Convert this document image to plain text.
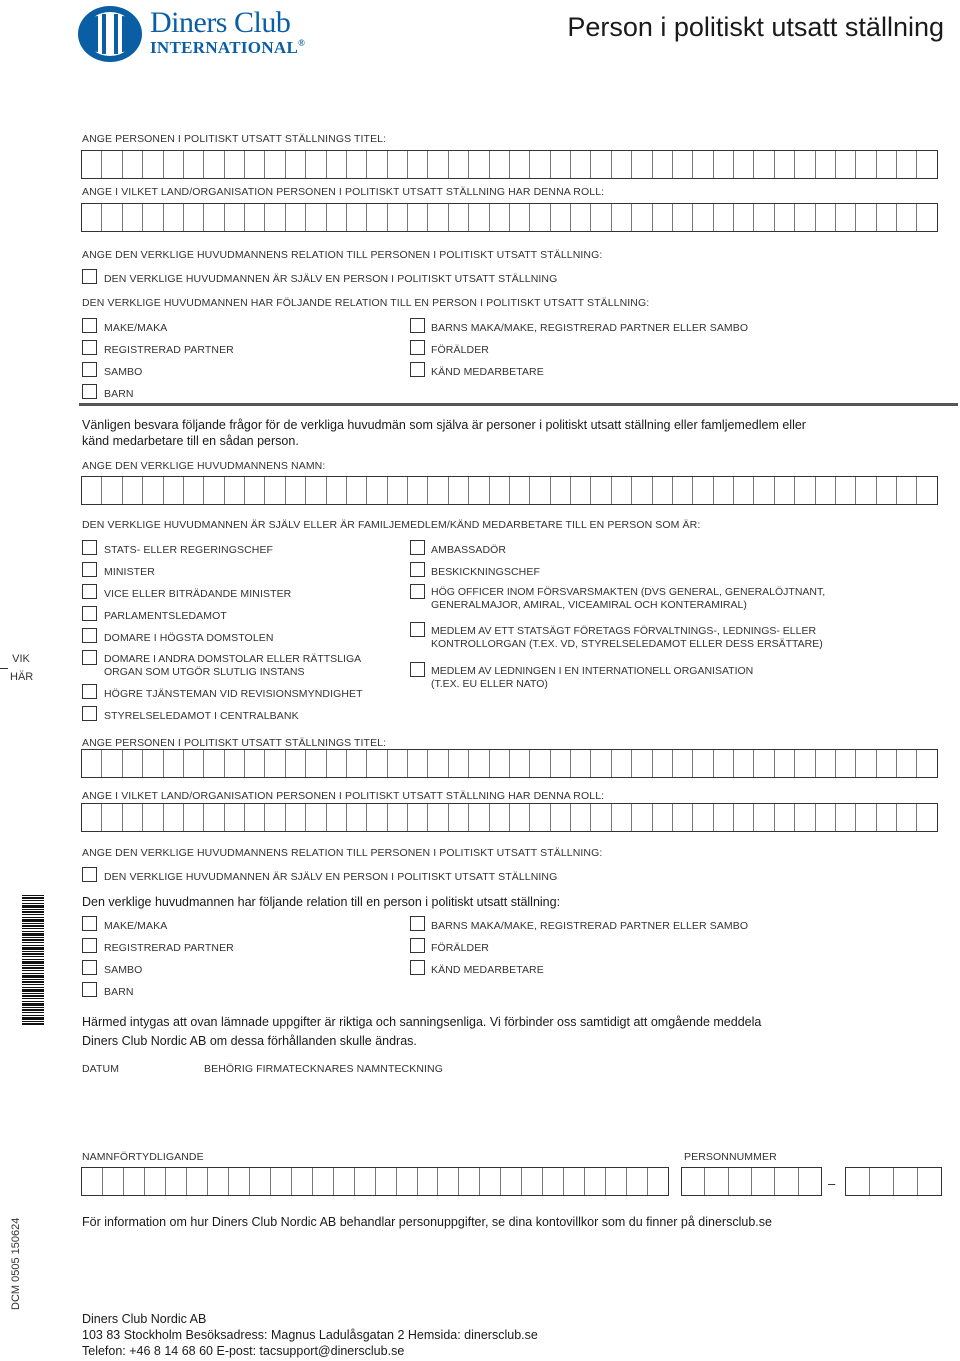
Diners Club
INTERNATIONAL®
Person i politiskt utsatt ställning
ANGE PERSONEN I POLITISKT UTSATT STÄLLNINGS TITEL:
ANGE I VILKET LAND/ORGANISATION PERSONEN I POLITISKT UTSATT STÄLLNING HAR DENNA ROLL:
ANGE DEN VERKLIGE HUVUDMANNENS RELATION TILL PERSONEN I POLITISKT UTSATT STÄLLNING:
DEN VERKLIGE HUVUDMANNEN ÄR SJÄLV EN PERSON I POLITISKT UTSATT STÄLLNING
DEN VERKLIGE HUVUDMANNEN HAR FÖLJANDE RELATION TILL EN PERSON I POLITISKT UTSATT STÄLLNING:
MAKE/MAKA
REGISTRERAD PARTNER
SAMBO
BARN
BARNS MAKA/MAKE, REGISTRERAD PARTNER ELLER SAMBO
FÖRÄLDER
KÄND MEDARBETARE
Vänligen besvara följande frågor för de verkliga huvudmän som själva är personer i politiskt utsatt ställning eller famljemedlem eller
känd medarbetare till en sådan person.
ANGE DEN VERKLIGE HUVUDMANNENS NAMN:
DEN VERKLIGE HUVUDMANNEN ÄR SJÄLV ELLER ÄR FAMILJEMEDLEM/KÄND MEDARBETARE TILL EN PERSON SOM ÄR:
STATS- ELLER REGERINGSCHEF
MINISTER
VICE ELLER BITRÄDANDE MINISTER
PARLAMENTSLEDAMOT
DOMARE I HÖGSTA DOMSTOLEN
DOMARE I ANDRA DOMSTOLAR ELLER RÄTTSLIGA
ORGAN SOM UTGÖR SLUTLIG INSTANS
HÖGRE TJÄNSTEMAN VID REVISIONSMYNDIGHET
STYRELSELEDAMOT I CENTRALBANK
AMBASSADÖR
BESKICKNINGSCHEF
HÖG OFFICER INOM FÖRSVARSMAKTEN (DVS GENERAL, GENERALÖJTNANT,
GENERALMAJOR, AMIRAL, VICEAMIRAL OCH KONTERAMIRAL)
MEDLEM AV ETT STATSÄGT FÖRETAGS FÖRVALTNINGS-, LEDNINGS- ELLER
KONTROLLORGAN (T.EX. VD, STYRELSELEDAMOT ELLER DESS ERSÄTTARE)
MEDLEM AV LEDNINGEN I EN INTERNATIONELL ORGANISATION
(T.EX. EU ELLER NATO)
ANGE PERSONEN I POLITISKT UTSATT STÄLLNINGS TITEL:
ANGE I VILKET LAND/ORGANISATION PERSONEN I POLITISKT UTSATT STÄLLNING HAR DENNA ROLL:
ANGE DEN VERKLIGE HUVUDMANNENS RELATION TILL PERSONEN I POLITISKT UTSATT STÄLLNING:
DEN VERKLIGE HUVUDMANNEN ÄR SJÄLV EN PERSON I POLITISKT UTSATT STÄLLNING
Den verklige huvudmannen har följande relation till en person i politiskt utsatt ställning:
MAKE/MAKA
REGISTRERAD PARTNER
SAMBO
BARN
BARNS MAKA/MAKE, REGISTRERAD PARTNER ELLER SAMBO
FÖRÄLDER
KÄND MEDARBETARE
Härmed intygas att ovan lämnade uppgifter är riktiga och sanningsenliga. Vi förbinder oss samtidigt att omgående meddela
Diners Club Nordic AB om dessa förhållanden skulle ändras.
DATUM	BEHÖRIG FIRMATECKNARES NAMNTECKNING
NAMNFÖRTYDLIGANDE	PERSONNUMMER
–
VIK
HÄR
DCM 0505 150624	För information om hur Diners Club Nordic AB behandlar personuppgifter, se dina kontovillkor som du finner på dinersclub.se
Diners Club Nordic AB
103 83 Stockholm Besöksadress: Magnus Ladulåsgatan 2 Hemsida: dinersclub.se
Telefon: +46 8 14 68 60 E-post: tacsupport@dinersclub.se
